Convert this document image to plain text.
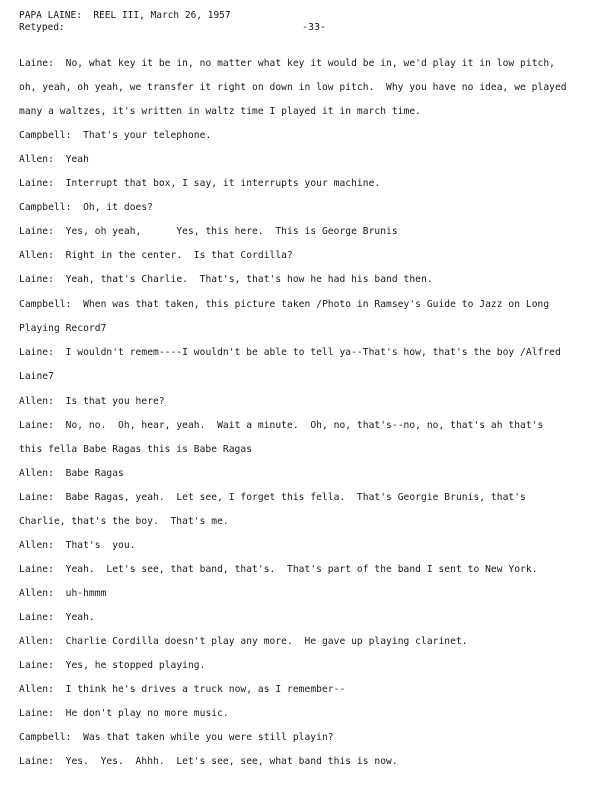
PAPA LAINE:  REEL III, March 26, 1957
Retyped:	-33-
Laine: No, what key it be in, no matter what key it would be in, we'd play it in low pitch,
oh, yeah, oh yeah, we transfer it right on down in low pitch.  Why you have no idea, we played
many a waltzes, it's written in waltz time I played it in march time.
Campbell: That's your telephone.
Allen: Yeah
Laine: Interrupt that box, I say, it interrupts your machine.
Campbell: Oh, it does?
Laine: Yes, oh yeah,      Yes, this here.  This is George Brunis
Allen: Right in the center.  Is that Cordilla?
Laine: Yeah, that's Charlie.  That's, that's how he had his band then.
Campbell: When was that taken, this picture taken /Photo in Ramsey's Guide to Jazz on Long
Playing Record7
Laine: I wouldn't remem----I wouldn't be able to tell ya--That's how, that's the boy /Alfred
Laine7
Allen: Is that you here?
Laine: No, no.  Oh, hear, yeah.  Wait a minute.  Oh, no, that's--no, no, that's ah that's
this fella Babe Ragas this is Babe Ragas
Allen: Babe Ragas
Laine: Babe Ragas, yeah.  Let see, I forget this fella.  That's Georgie Brunis, that's
Charlie, that's the boy.  That's me.
Allen: That's  you.
Laine: Yeah.  Let's see, that band, that's.  That's part of the band I sent to New York.
Allen: uh-hmmm
Laine: Yeah.
Allen: Charlie Cordilla doesn't play any more.  He gave up playing clarinet.
Laine: Yes, he stopped playing.
Allen: I think he's drives a truck now, as I remember--
Laine: He don't play no more music.
Campbell: Was that taken while you were still playin?
Laine: Yes.  Yes.  Ahhh.  Let's see, see, what band this is now.
